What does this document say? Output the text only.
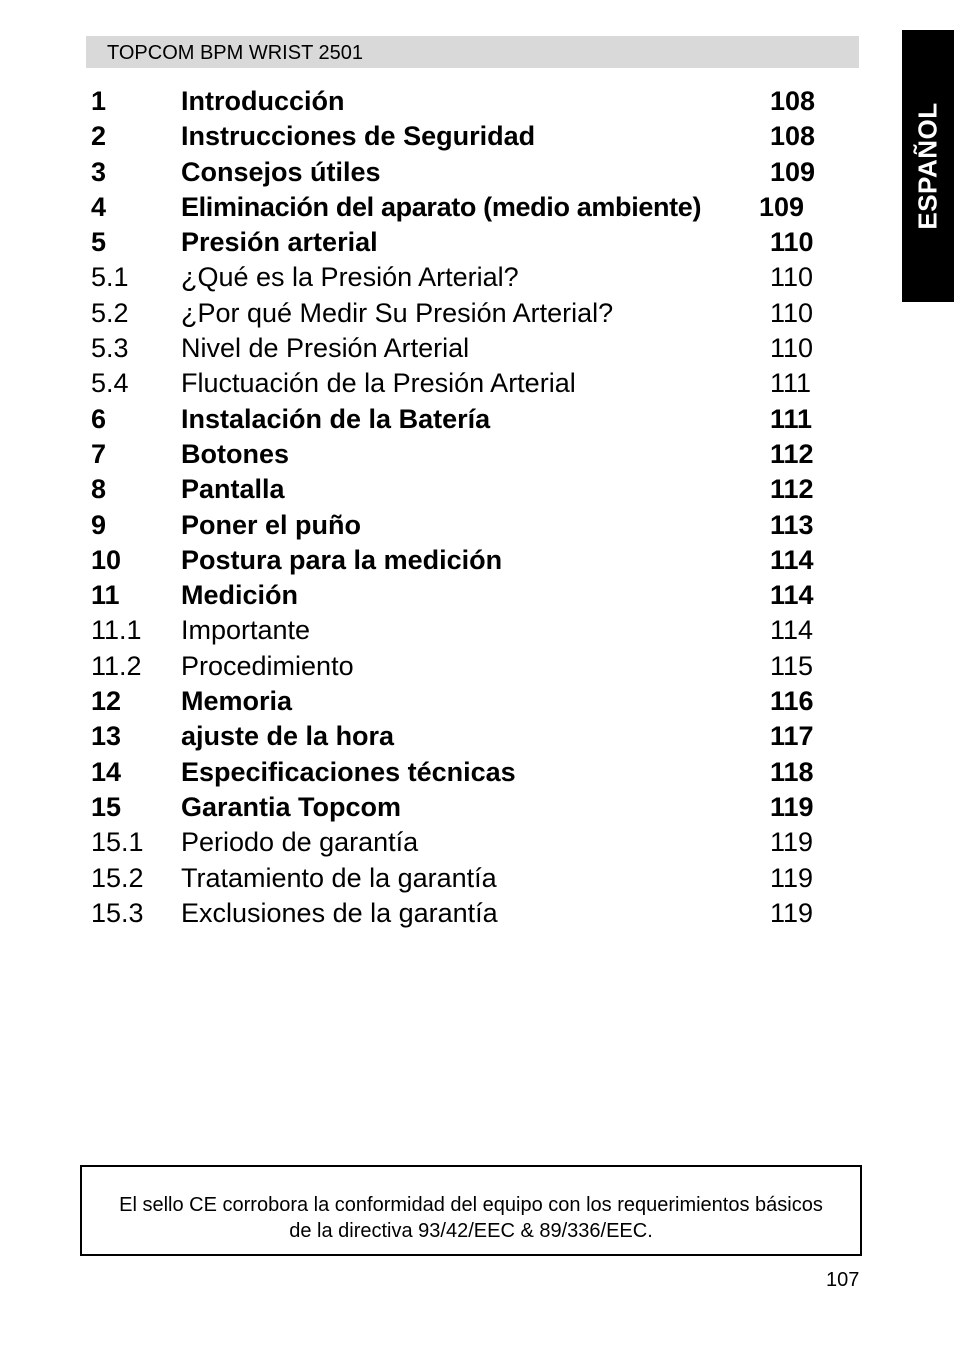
TOPCOM BPM WRIST 2501
ESPAÑOL
1	Introducción	108
2	Instrucciones de Seguridad	108
3	Consejos útiles	109
4	Eliminación del aparato (medio ambiente) 109
5	Presión arterial	110
5.1 ¿Qué es la Presión Arterial?	110
5.2 ¿Por qué Medir Su Presión Arterial?	110
5.3 Nivel de Presión Arterial	110
5.4 Fluctuación de la Presión Arterial	111
6	Instalación de la Batería	111
7	Botones	112
8	Pantalla	112
9	Poner el puño	113
10 Postura para la medición	114
11 Medición	114
11.1 Importante	114
11.2 Procedimiento	115
12 Memoria	116
13 ajuste de la hora	117
14 Especificaciones técnicas	118
15 Garantia Topcom	119
15.1 Periodo de garantía	119
15.2 Tratamiento de la garantía	119
15.3 Exclusiones de la garantía	119
El sello CE corrobora la conformidad del equipo con los requerimientos básicos
de la directiva 93/42/EEC & 89/336/EEC.
107
